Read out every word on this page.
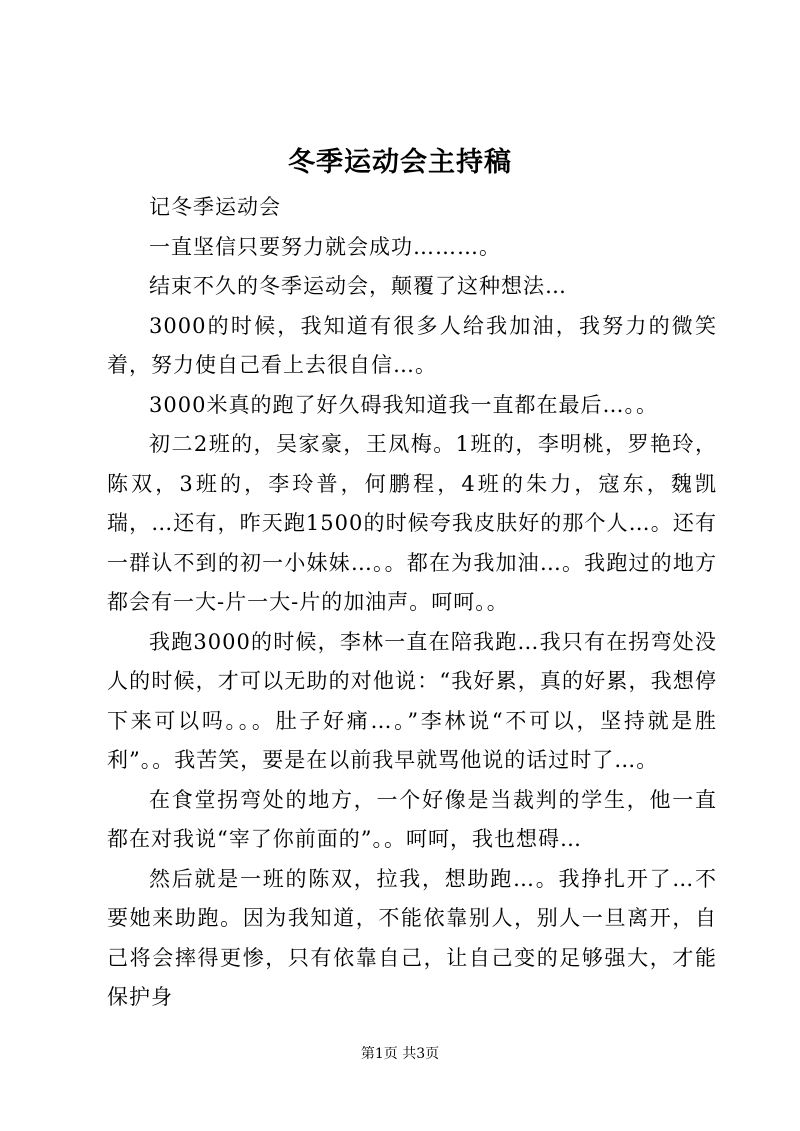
冬季运动会主持稿

记冬季运动会

一直坚信只要努力就会成功………。

结束不久的冬季运动会，颠覆了这种想法…

3000的时候，我知道有很多人给我加油，我努力的微笑着，努力使自己看上去很自信…。

3000米真的跑了好久碍我知道我一直都在最后…。。

初二2班的，吴家豪，王凤梅。1班的，李明桃，罗艳玲，陈双，3班的，李玲普，何鹏程，4班的朱力，寇东，魏凯瑞，…还有，昨天跑1500的时候夸我皮肤好的那个人…。还有一群认不到的初一小妹妹…。。都在为我加油…。我跑过的地方都会有一大-片一大-片的加油声。呵呵。。

我跑3000的时候，李林一直在陪我跑…我只有在拐弯处没人的时候，才可以无助的对他说：“我好累，真的好累，我想停下来可以吗。。。肚子好痛…。”李林说“不可以，坚持就是胜利”。。我苦笑，要是在以前我早就骂他说的话过时了…。

在食堂拐弯处的地方，一个好像是当裁判的学生，他一直都在对我说“宰了你前面的”。。呵呵，我也想碍…

然后就是一班的陈双，拉我，想助跑…。我挣扎开了…不要她来助跑。因为我知道，不能依靠别人，别人一旦离开，自己将会摔得更惨，只有依靠自己，让自己变的足够强大，才能保护身

第1页 共3页
